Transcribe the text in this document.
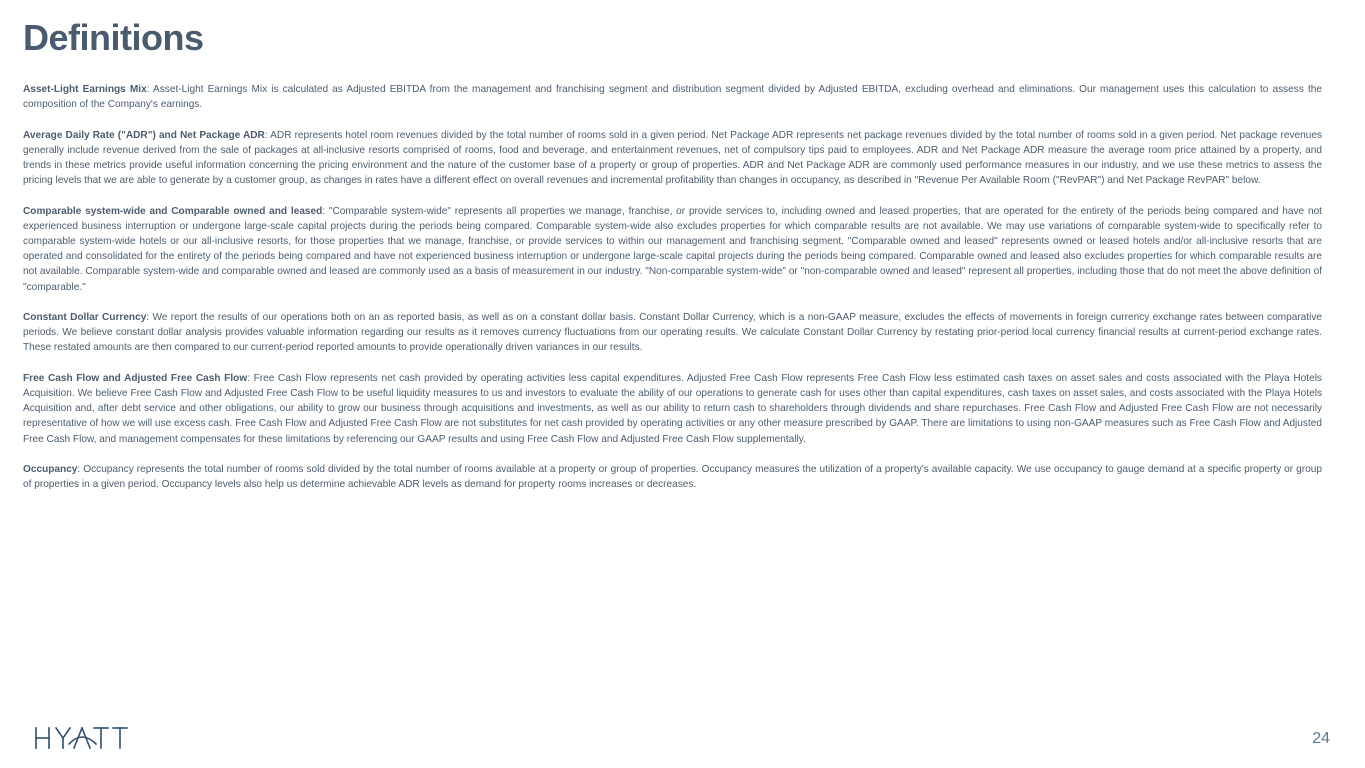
Definitions

Asset-Light Earnings Mix: Asset-Light Earnings Mix is calculated as Adjusted EBITDA from the management and franchising segment and distribution segment divided by Adjusted EBITDA, excluding overhead and eliminations. Our management uses this calculation to assess the composition of the Company's earnings.

Average Daily Rate ("ADR") and Net Package ADR: ADR represents hotel room revenues divided by the total number of rooms sold in a given period. Net Package ADR represents net package revenues divided by the total number of rooms sold in a given period. Net package revenues generally include revenue derived from the sale of packages at all-inclusive resorts comprised of rooms, food and beverage, and entertainment revenues, net of compulsory tips paid to employees. ADR and Net Package ADR measure the average room price attained by a property, and trends in these metrics provide useful information concerning the pricing environment and the nature of the customer base of a property or group of properties. ADR and Net Package ADR are commonly used performance measures in our industry, and we use these metrics to assess the pricing levels that we are able to generate by a customer group, as changes in rates have a different effect on overall revenues and incremental profitability than changes in occupancy, as described in "Revenue Per Available Room ("RevPAR") and Net Package RevPAR" below.

Comparable system-wide and Comparable owned and leased: "Comparable system-wide" represents all properties we manage, franchise, or provide services to, including owned and leased properties, that are operated for the entirety of the periods being compared and have not experienced business interruption or undergone large-scale capital projects during the periods being compared. Comparable system-wide also excludes properties for which comparable results are not available. We may use variations of comparable system-wide to specifically refer to comparable system-wide hotels or our all-inclusive resorts, for those properties that we manage, franchise, or provide services to within our management and franchising segment. "Comparable owned and leased" represents owned or leased hotels and/or all-inclusive resorts that are operated and consolidated for the entirety of the periods being compared and have not experienced business interruption or undergone large-scale capital projects during the periods being compared. Comparable owned and leased also excludes properties for which comparable results are not available. Comparable system-wide and comparable owned and leased are commonly used as a basis of measurement in our industry. "Non-comparable system-wide" or "non-comparable owned and leased" represent all properties, including those that do not meet the above definition of "comparable."

Constant Dollar Currency: We report the results of our operations both on an as reported basis, as well as on a constant dollar basis. Constant Dollar Currency, which is a non-GAAP measure, excludes the effects of movements in foreign currency exchange rates between comparative periods. We believe constant dollar analysis provides valuable information regarding our results as it removes currency fluctuations from our operating results. We calculate Constant Dollar Currency by restating prior-period local currency financial results at current-period exchange rates. These restated amounts are then compared to our current-period reported amounts to provide operationally driven variances in our results.

Free Cash Flow and Adjusted Free Cash Flow: Free Cash Flow represents net cash provided by operating activities less capital expenditures. Adjusted Free Cash Flow represents Free Cash Flow less estimated cash taxes on asset sales and costs associated with the Playa Hotels Acquisition. We believe Free Cash Flow and Adjusted Free Cash Flow to be useful liquidity measures to us and investors to evaluate the ability of our operations to generate cash for uses other than capital expenditures, cash taxes on asset sales, and costs associated with the Playa Hotels Acquisition and, after debt service and other obligations, our ability to grow our business through acquisitions and investments, as well as our ability to return cash to shareholders through dividends and share repurchases. Free Cash Flow and Adjusted Free Cash Flow are not necessarily representative of how we will use excess cash. Free Cash Flow and Adjusted Free Cash Flow are not substitutes for net cash provided by operating activities or any other measure prescribed by GAAP. There are limitations to using non-GAAP measures such as Free Cash Flow and Adjusted Free Cash Flow, and management compensates for these limitations by referencing our GAAP results and using Free Cash Flow and Adjusted Free Cash Flow supplementally.

Occupancy: Occupancy represents the total number of rooms sold divided by the total number of rooms available at a property or group of properties. Occupancy measures the utilization of a property's available capacity. We use occupancy to gauge demand at a specific property or group of properties in a given period. Occupancy levels also help us determine achievable ADR levels as demand for property rooms increases or decreases.

24
